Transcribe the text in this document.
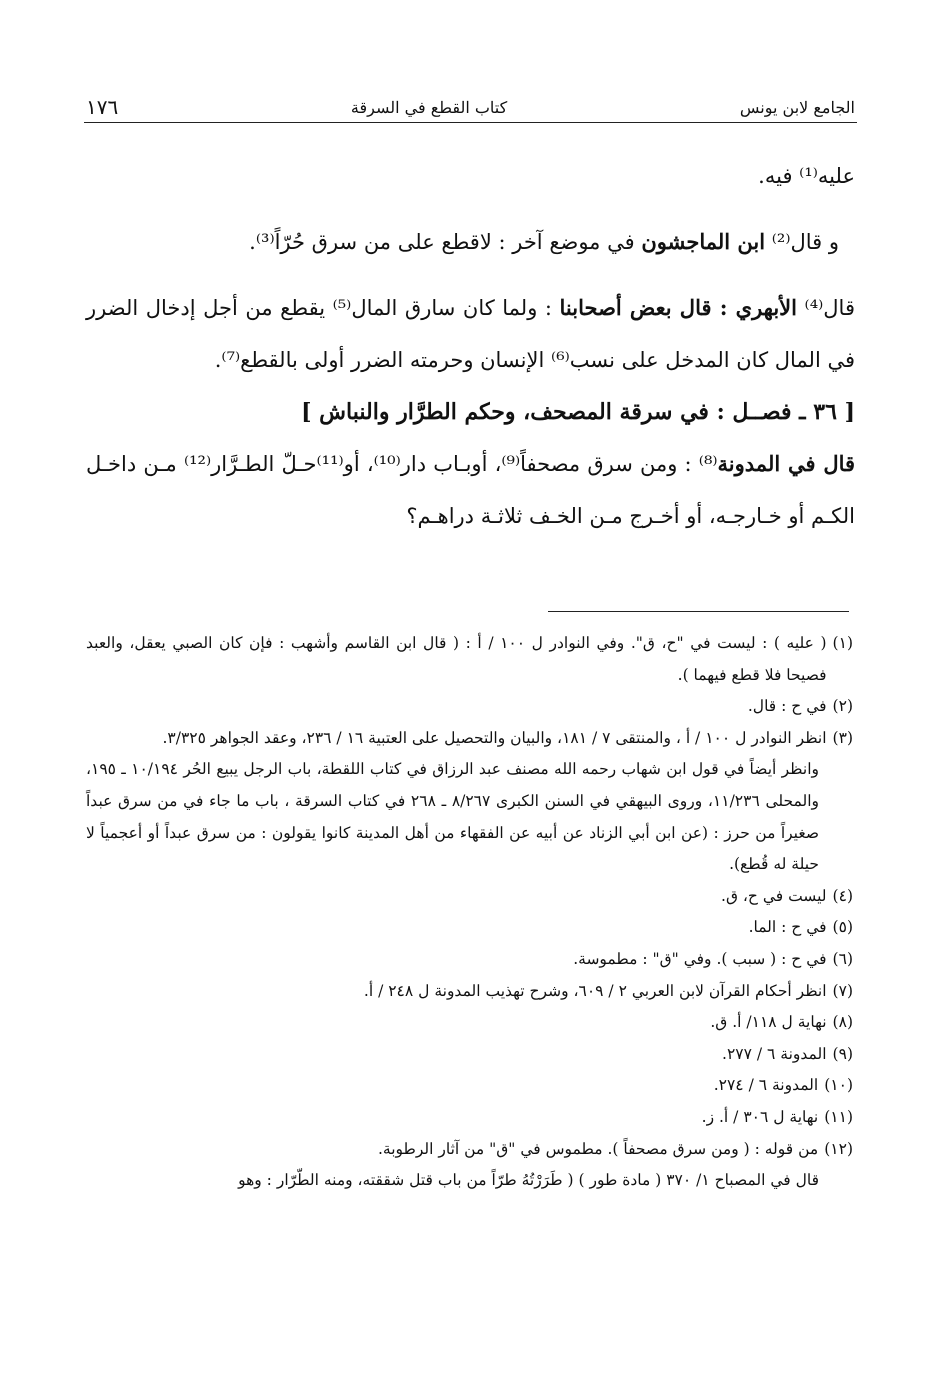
الجامع لابن يونس
كتاب القطع في السرقة
١٧٦

عليه⁽¹⁾ فيه.

و قال⁽²⁾ ابن الماجشون في موضع آخر : لاقطع على من سرق حُرّاً⁽³⁾.

قال⁽⁴⁾ الأبهري : قال بعض أصحابنا : ولما كان سارق المال⁽⁵⁾ يقطع من أجل إدخال الضرر في المال كان المدخل على نسب⁽⁶⁾ الإنسان وحرمته الضرر أولى بالقطع⁽⁷⁾.

[ ٣٦ ـ فصــل : في سرقة المصحف، وحكم الطرَّار والنباش ]

قال في المدونة⁽⁸⁾ : ومن سرق مصحفاً⁽⁹⁾، أوبـاب دار⁽¹⁰⁾، أو⁽¹¹⁾حـلّ الطـرَّار⁽¹²⁾ مـن داخـل الكـم أو خـارجـه، أو أخـرج مـن الخـف ثلاثـة دراهـم؟

(١)
( عليه ) : ليست في "ح، ق". وفي النوادر ل ١٠٠ / أ : ( قال ابن القاسم وأشهب : فإن كان الصبي يعقل، والعبد فصيحا فلا قطع فيهما ).
(٢)
في ح : قال.
(٣)
انظر النوادر ل ١٠٠ / أ ، والمنتقى ٧ / ١٨١، والبيان والتحصيل على العتبية ١٦ / ٢٣٦، وعقد الجواهر ٣/٣٢٥.

وانظر أيضاً في قول ابن شهاب رحمه الله مصنف عبد الرزاق في كتاب اللقطة، باب الرجل يبيع الحُر ١٠/١٩٤ ـ ١٩٥، والمحلى ١١/٢٣٦، وروى البيهقي في السنن الكبرى ٨/٢٦٧ ـ ٢٦٨ في كتاب السرقة ، باب ما جاء في من سرق عبداً صغيراً من حرز : (عن ابن أبي الزناد عن أبيه عن الفقهاء من أهل المدينة كانوا يقولون : من سرق عبداً أو أعجمياً لا حيلة له قُطع).

(٤)
ليست في ح، ق.
(٥)
في ح : الما.
(٦)
في ح : ( سبب ). وفي "ق" : مطموسة.
(٧)
انظر أحكام القرآن لابن العربي ٢ / ٦٠٩، وشرح تهذيب المدونة ل ٢٤٨ / أ.
(٨)
نهاية ل ١١٨/ أ. ق.
(٩)
المدونة ٦ / ٢٧٧.
(١٠)
المدونة ٦ / ٢٧٤.
(١١)
نهاية ل ٣٠٦ / أ. ز.
(١٢)
من قوله : ( ومن سرق مصحفاً ). مطموس في "ق" من آثار الرطوبة.

قال في المصباح ١/ ٣٧٠ ( مادة طور ) ( طَرَرْتُهُ طرّاً من باب قتل شققته، ومنه الطّرّار : وهو
